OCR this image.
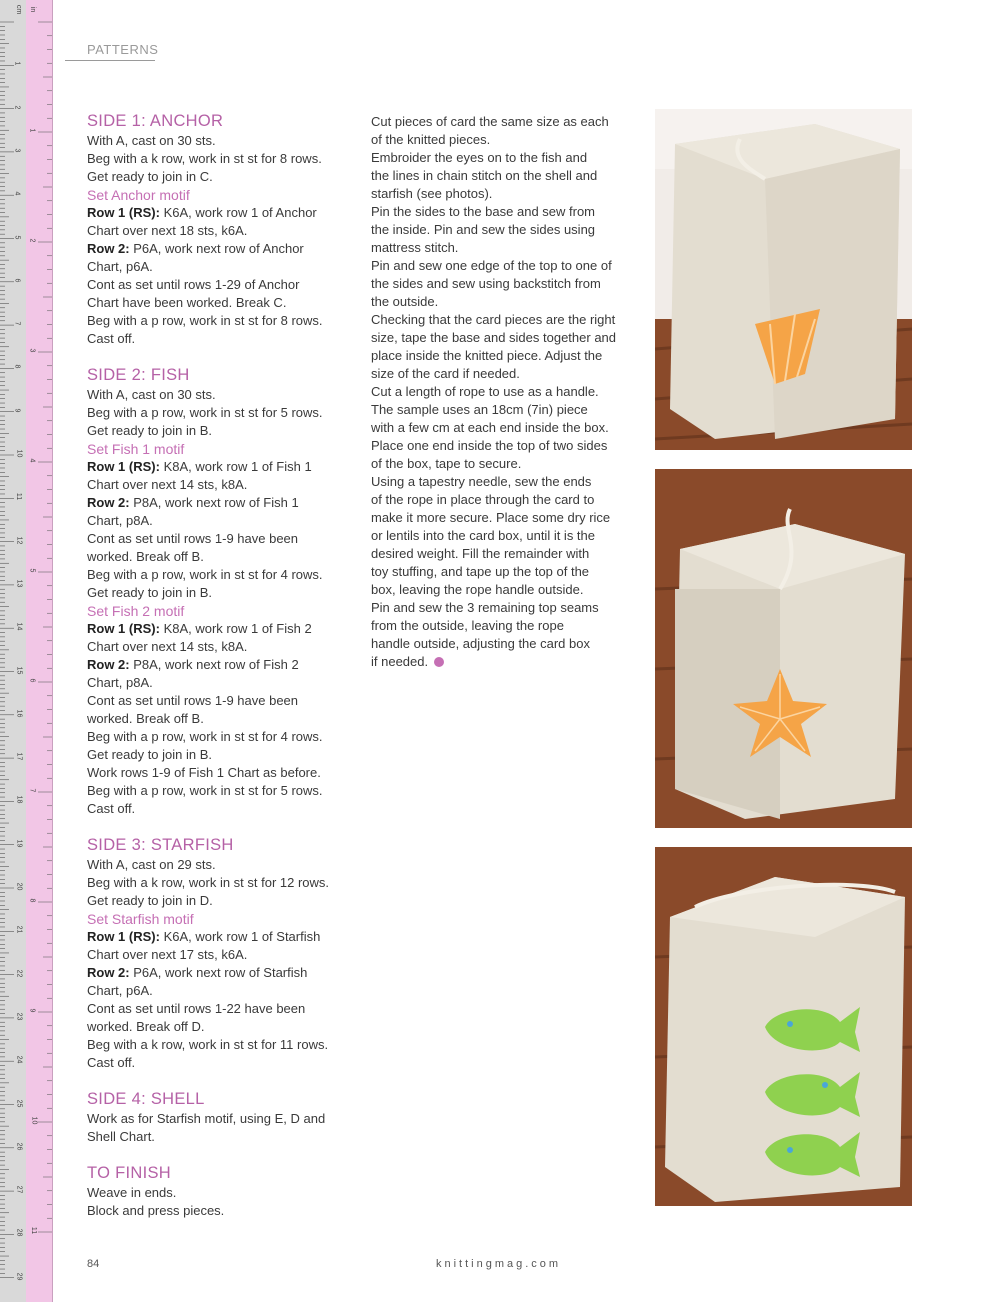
1
2
3
4
5
6
7
8
9
10
11
12
13
14
15
16
17
18
19
20
21
22
23
24
25
26
27
28
29
1
2
3
4
5
6
7
8
9
10
11
cm in
PATTERNS

SIDE 1: ANCHOR

With A, cast on 30 sts.

Beg with a k row, work in st st for 8 rows.

Get ready to join in C.

Set Anchor motif

Row 1 (RS): K6A, work row 1 of Anchor

Chart over next 18 sts, k6A.

Row 2: P6A, work next row of Anchor

Chart, p6A.

Cont as set until rows 1-29 of Anchor

Chart have been worked. Break C.

Beg with a p row, work in st st for 8 rows.

Cast off.

SIDE 2: FISH

With A, cast on 30 sts.

Beg with a p row, work in st st for 5 rows.

Get ready to join in B.

Set Fish 1 motif

Row 1 (RS): K8A, work row 1 of Fish 1

Chart over next 14 sts, k8A.

Row 2: P8A, work next row of Fish 1

Chart, p8A.

Cont as set until rows 1-9 have been

worked. Break off B.

Beg with a p row, work in st st for 4 rows.

Get ready to join in B.

Set Fish 2 motif

Row 1 (RS): K8A, work row 1 of Fish 2

Chart over next 14 sts, k8A.

Row 2: P8A, work next row of Fish 2

Chart, p8A.

Cont as set until rows 1-9 have been

worked. Break off B.

Beg with a p row, work in st st for 4 rows.

Get ready to join in B.

Work rows 1-9 of Fish 1 Chart as before.

Beg with a p row, work in st st for 5 rows.

Cast off.

SIDE 3: STARFISH

With A, cast on 29 sts.

Beg with a k row, work in st st for 12 rows.

Get ready to join in D.

Set Starfish motif

Row 1 (RS): K6A, work row 1 of Starfish

Chart over next 17 sts, k6A.

Row 2: P6A, work next row of Starfish

Chart, p6A.

Cont as set until rows 1-22 have been

worked. Break off D.

Beg with a k row, work in st st for 11 rows.

Cast off.

SIDE 4: SHELL

Work as for Starfish motif, using E, D and

Shell Chart.

TO FINISH

Weave in ends.

Block and press pieces.

Cut pieces of card the same size as each

of the knitted pieces.

Embroider the eyes on to the fish and

the lines in chain stitch on the shell and

starfish (see photos).

Pin the sides to the base and sew from

the inside. Pin and sew the sides using

mattress stitch.

Pin and sew one edge of the top to one of

the sides and sew using backstitch from

the outside.

Checking that the card pieces are the right

size, tape the base and sides together and

place inside the knitted piece. Adjust the

size of the card if needed.

Cut a length of rope to use as a handle.

The sample uses an 18cm (7in) piece

with a few cm at each end inside the box.

Place one end inside the top of two sides

of the box, tape to secure.

Using a tapestry needle, sew the ends

of the rope in place through the card to

make it more secure. Place some dry rice

or lentils into the card box, until it is the

desired weight. Fill the remainder with

toy stuffing, and tape up the top of the

box, leaving the rope handle outside.

Pin and sew the 3 remaining top seams

from the outside, leaving the rope

handle outside, adjusting the card box

if needed.

84	knittingmag.com
